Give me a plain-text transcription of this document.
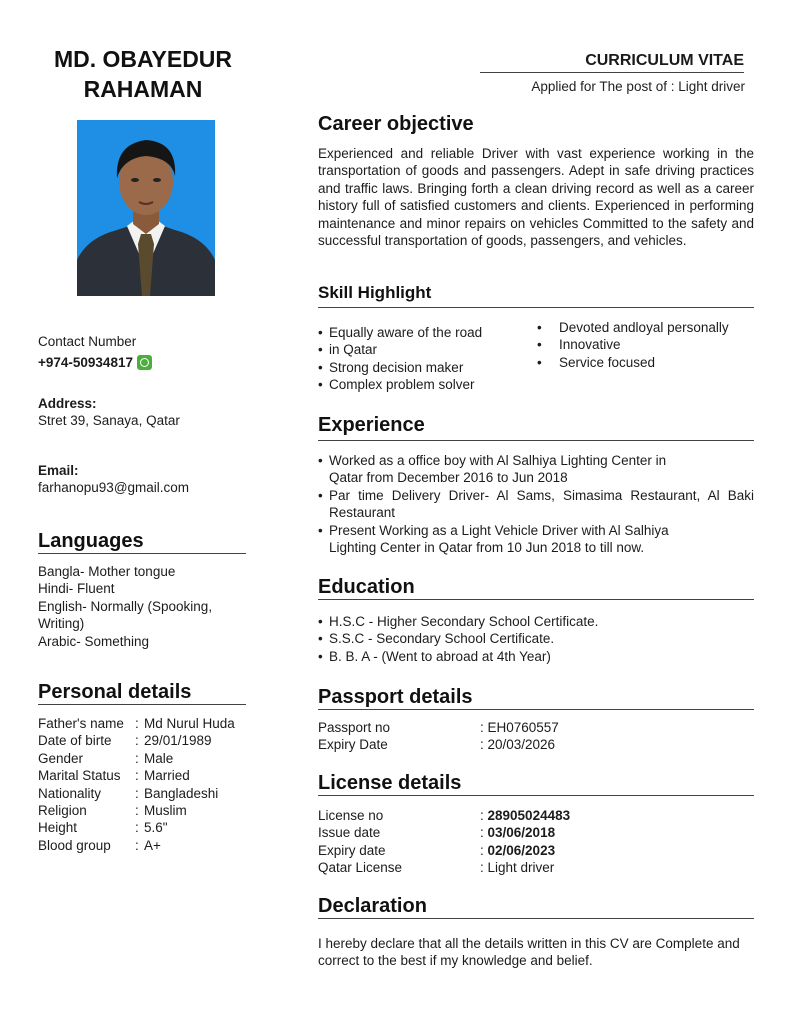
MD. OBAYEDUR RAHAMAN
Contact Number
+974-50934817
Address:
Stret 39, Sanaya, Qatar
Email:
farhanopu93@gmail.com
Languages
Bangla- Mother tongue
Hindi- Fluent
English- Normally (Spooking, Writing)
Arabic- Something
Personal details
Father's name : Md Nurul Huda
Date of birte	: 29/01/1989
Gender	: Male
Marital Status	: Married
Nationality	: Bangladeshi
Religion	: Muslim
Height	: 5.6"
Blood group	: A+
CURRICULUM VITAE
Applied for The post of : Light driver
Career objective
Experienced and reliable Driver with vast experience working in the transportation of goods and passengers. Adept in safe driving practices and traffic laws. Bringing forth a clean driving record as well as a career history full of satisfied customers and clients. Experienced in performing maintenance and minor repairs on vehicles Committed to the safety and successful transportation of goods, passengers, and vehicles.
Skill Highlight
• Equally aware of the road
• in Qatar
• Strong decision maker
• Complex problem solver
• Devoted andloyal personally
• Innovative
• Service focused
Experience
• Worked as a office boy with Al Salhiya Lighting Center in Qatar from December 2016 to Jun 2018
• Par time Delivery Driver- Al Sams, Simasima Restaurant, Al Baki Restaurant
• Present Working as a Light Vehicle Driver with Al Salhiya Lighting Center in Qatar from 10 Jun 2018 to till now.
Education
• H.S.C - Higher Secondary School Certificate.
• S.S.C - Secondary School Certificate.
• B. B. A - (Went to abroad at 4th Year)
Passport details
Passport no	: EH0760557
Expiry Date	: 20/03/2026
License details
License no	: 28905024483
Issue date	: 03/06/2018
Expiry date	: 02/06/2023
Qatar License	: Light driver
Declaration
I hereby declare that all the details written in this CV are Complete and correct to the best if my knowledge and belief.
